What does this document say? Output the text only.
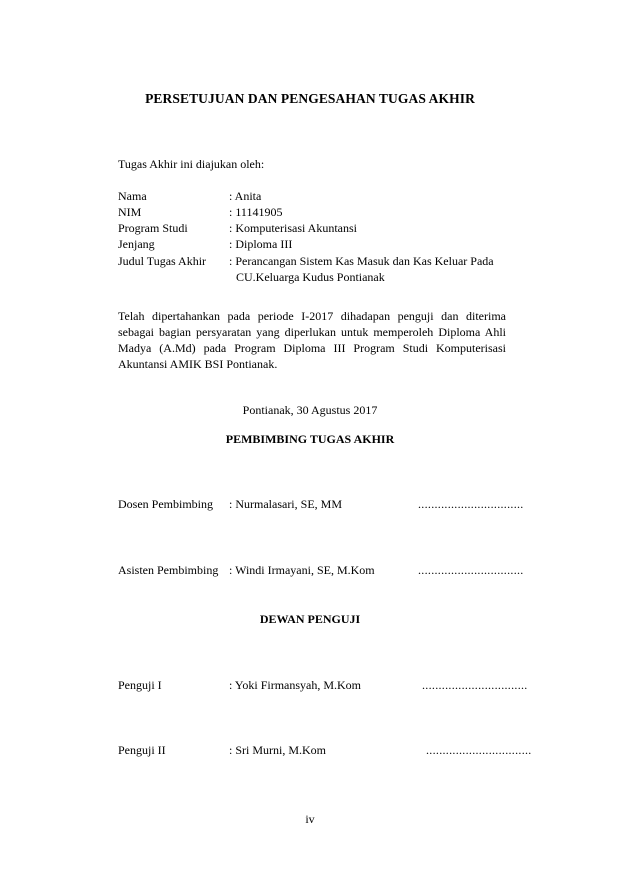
PERSETUJUAN DAN PENGESAHAN TUGAS AKHIR
Tugas Akhir ini diajukan oleh:
Nama	: Anita
NIM	: 11141905
Program Studi	: Komputerisasi Akuntansi
Jenjang	: Diploma III
Judul Tugas Akhir : Perancangan Sistem Kas Masuk dan Kas Keluar Pada
CU.Keluarga Kudus Pontianak
Telah dipertahankan pada periode I-2017 dihadapan penguji dan diterima sebagai bagian persyaratan yang diperlukan untuk memperoleh Diploma Ahli Madya (A.Md) pada Program Diploma III Program Studi Komputerisasi Akuntansi AMIK BSI Pontianak.
Pontianak, 30 Agustus 2017
PEMBIMBING TUGAS AKHIR
Dosen Pembimbing : Nurmalasari, SE, MM	................................
Asisten Pembimbing : Windi Irmayani, SE, M.Kom	................................
DEWAN PENGUJI
Penguji I	: Yoki Firmansyah, M.Kom	................................
Penguji II	: Sri Murni, M.Kom	................................
iv
